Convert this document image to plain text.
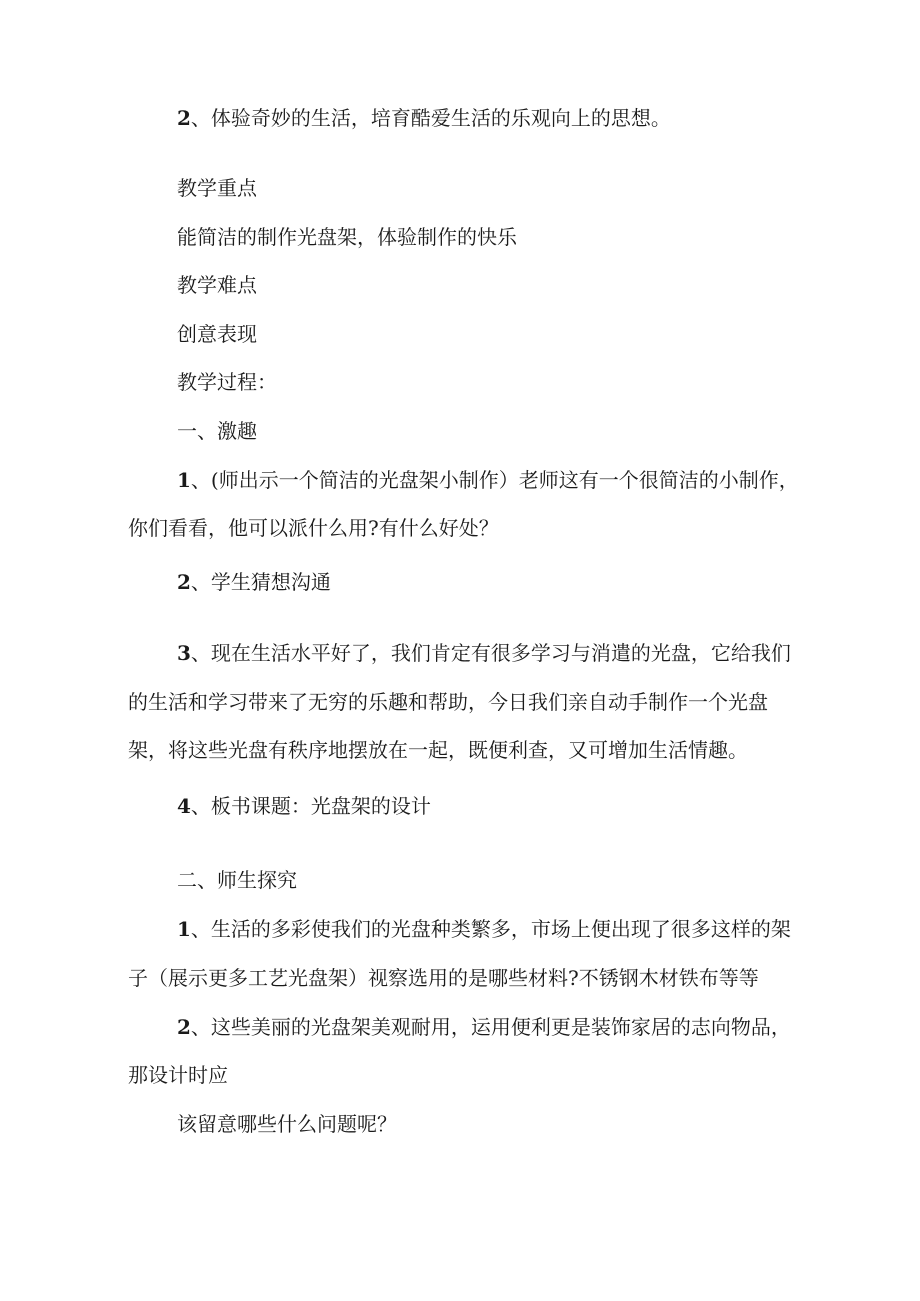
2、体验奇妙的生活，培育酷爱生活的乐观向上的思想。
教学重点
能简洁的制作光盘架，体验制作的快乐
教学难点
创意表现
教学过程：
一、激趣
1、(师出示一个简洁的光盘架小制作）老师这有一个很简洁的小制作，
你们看看，他可以派什么用?有什么好处？
2、学生猜想沟通
3、现在生活水平好了，我们肯定有很多学习与消遣的光盘，它给我们
的生活和学习带来了无穷的乐趣和帮助，今日我们亲自动手制作一个光盘
架，将这些光盘有秩序地摆放在一起，既便利查，又可增加生活情趣。
4、板书课题：光盘架的设计
二、师生探究
1、生活的多彩使我们的光盘种类繁多，市场上便出现了很多这样的架
子（展示更多工艺光盘架）视察选用的是哪些材料?不锈钢木材铁布等等
2、这些美丽的光盘架美观耐用，运用便利更是装饰家居的志向物品，
那设计时应
该留意哪些什么问题呢？
